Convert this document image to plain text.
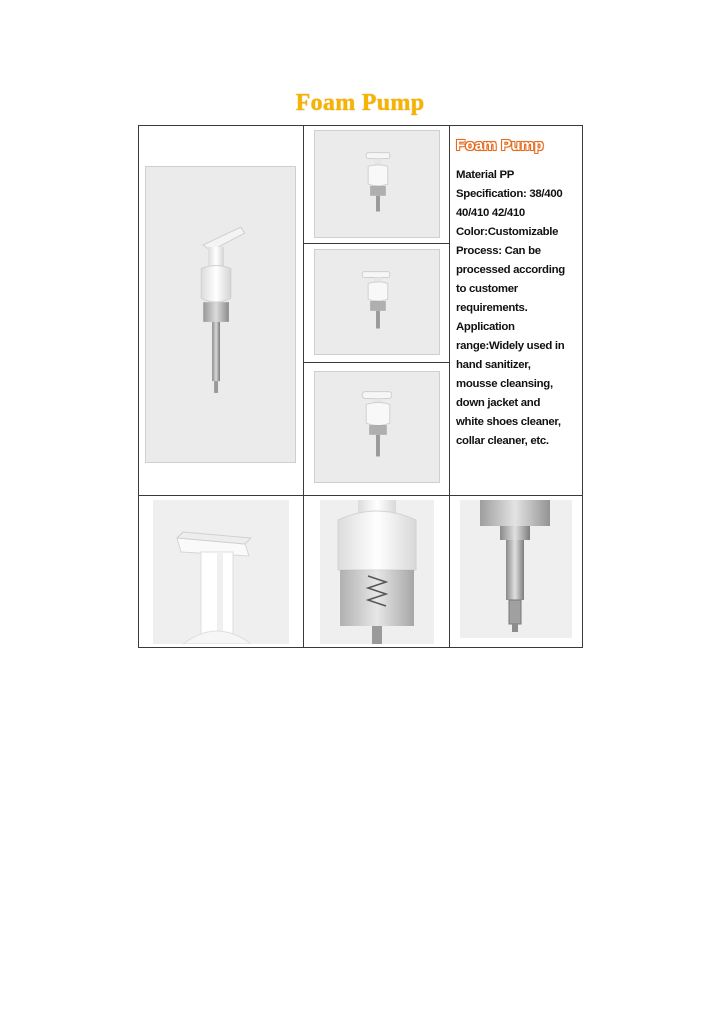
Foam Pump
Foam Pump
Material PP
Specification: 38/400
40/410 42/410
Color:Customizable
Process: Can be
processed according
to customer
requirements.
Application
range:Widely used in
hand sanitizer,
mousse cleansing,
down jacket and
white shoes cleaner,
collar cleaner, etc.
